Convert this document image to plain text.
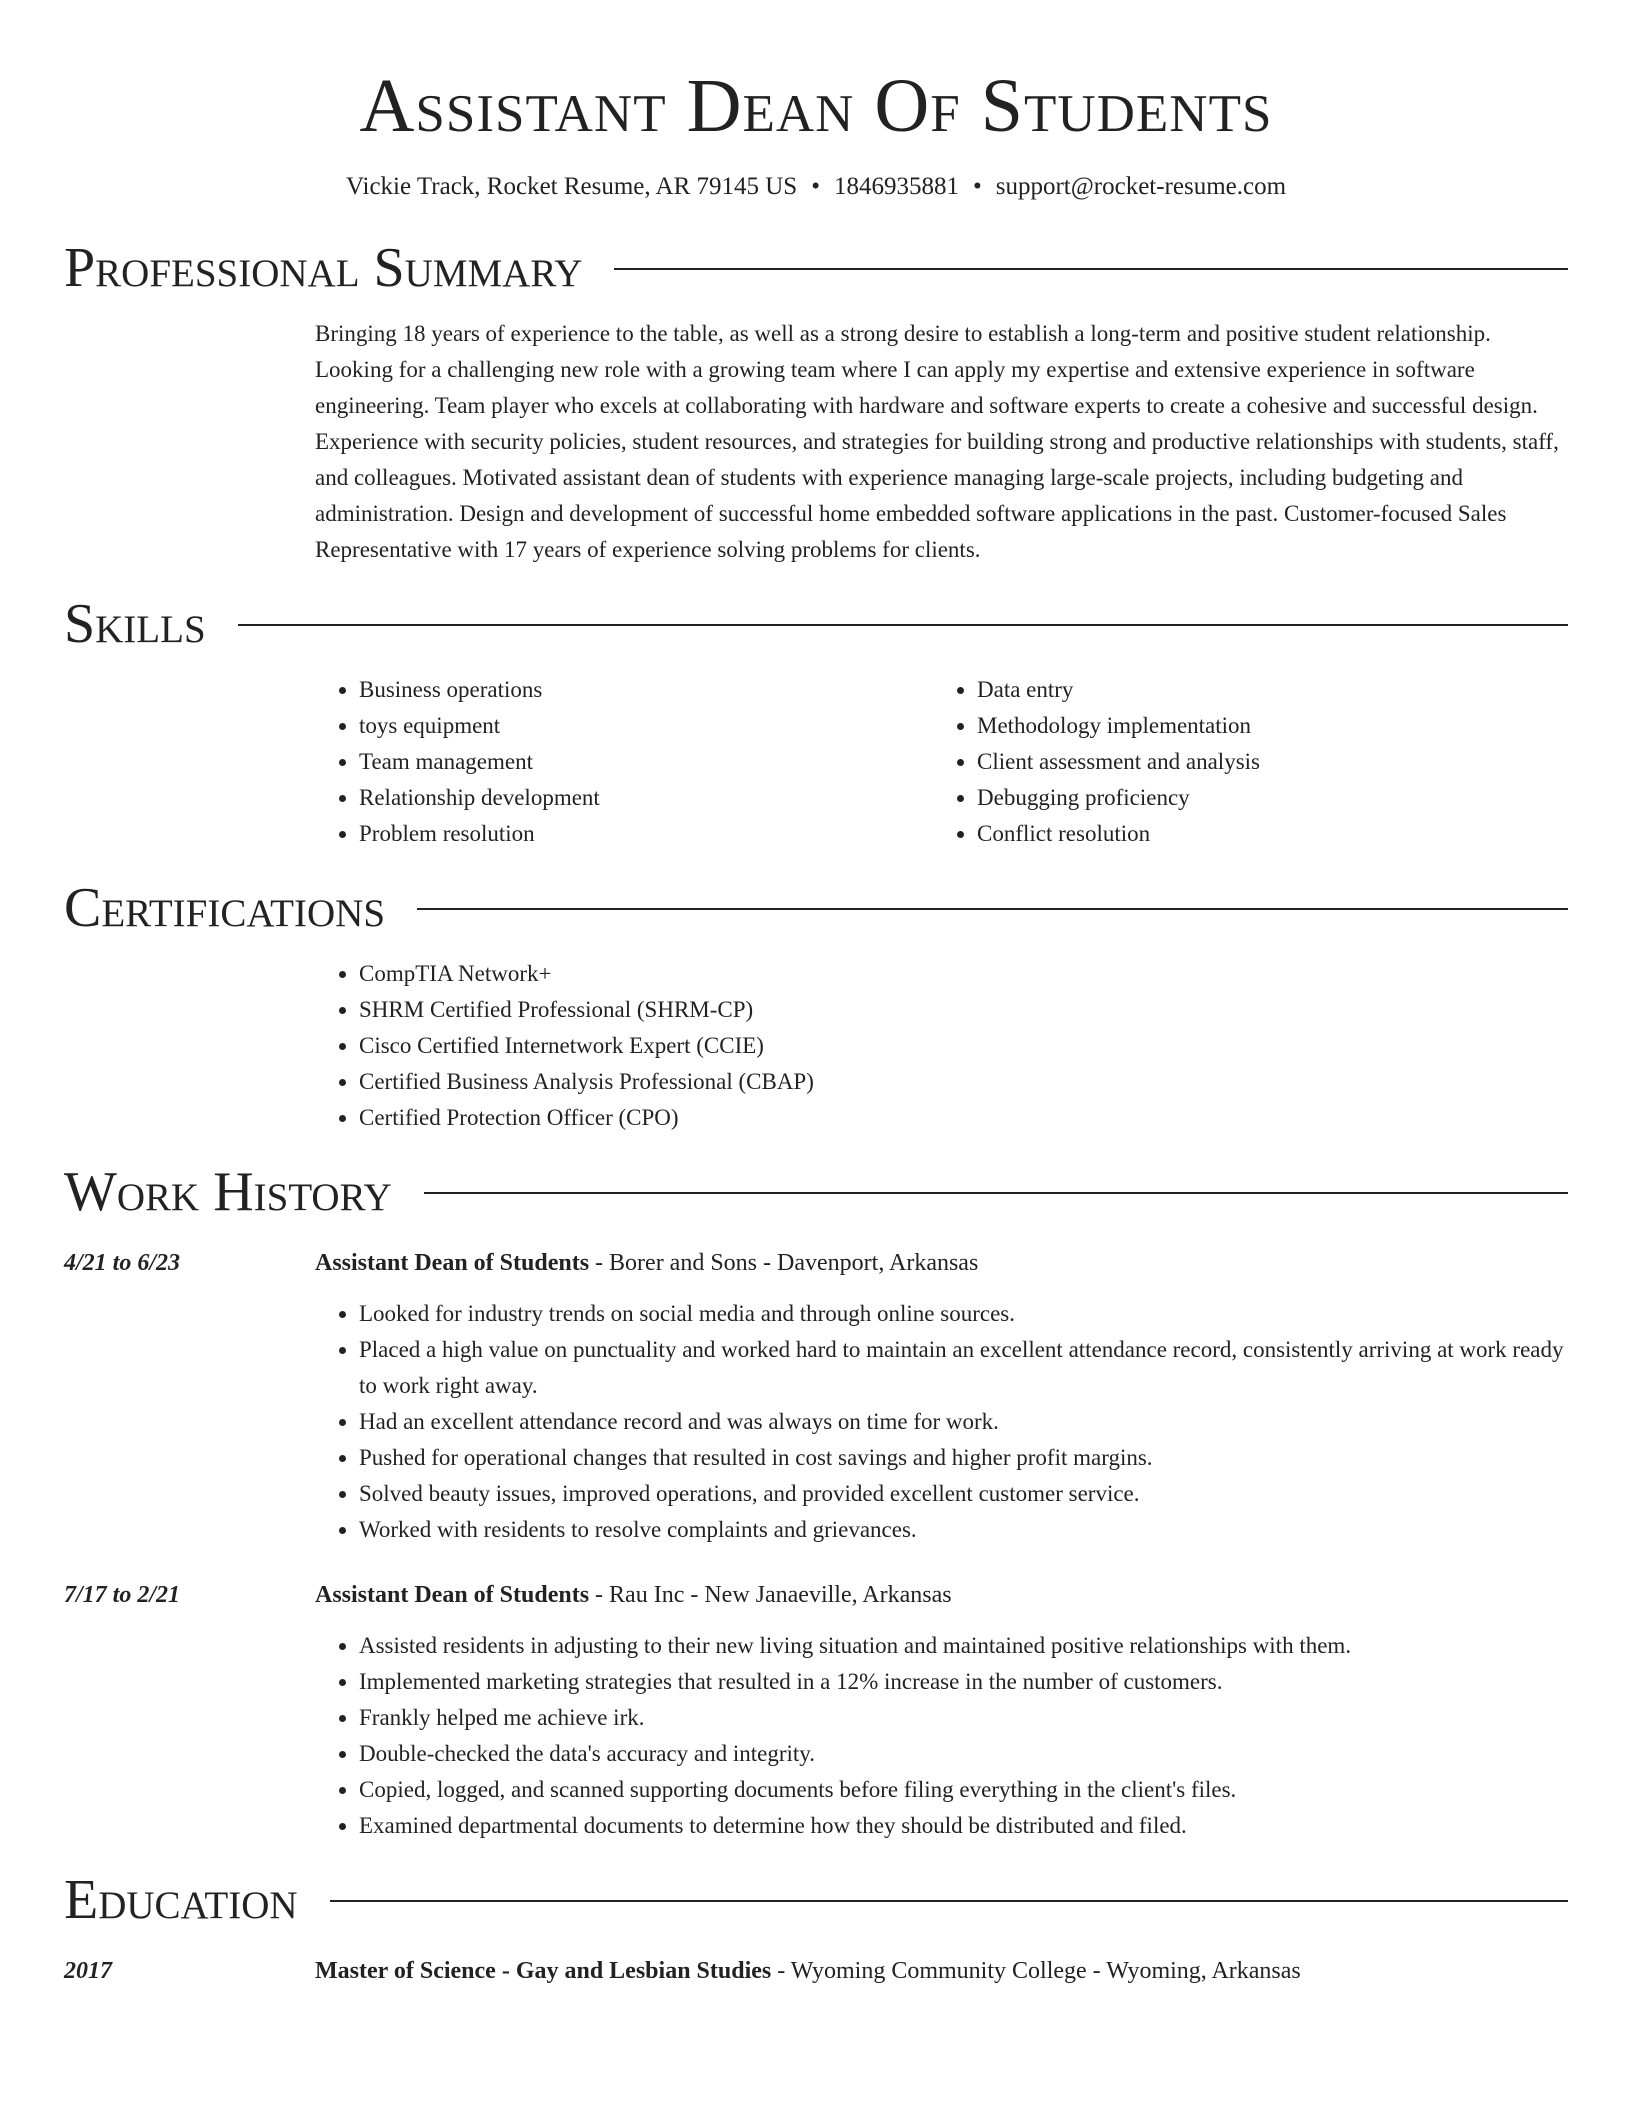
Assistant Dean Of Students
Vickie Track, Rocket Resume, AR 79145 US • 1846935881 • support@rocket-resume.com
Professional Summary

Bringing 18 years of experience to the table, as well as a strong desire to establish a long-term and positive student relationship. Looking for a challenging new role with a growing team where I can apply my expertise and extensive experience in software engineering. Team player who excels at collaborating with hardware and software experts to create a cohesive and successful design. Experience with security policies, student resources, and strategies for building strong and productive relationships with students, staff, and colleagues. Motivated assistant dean of students with experience managing large-scale projects, including budgeting and administration. Design and development of successful home embedded software applications in the past. Customer-focused Sales Representative with 17 years of experience solving problems for clients.

Skills
• Business operations
• toys equipment
• Team management
• Relationship development
• Problem resolution
• Data entry
• Methodology implementation
• Client assessment and analysis
• Debugging proficiency
• Conflict resolution
Certifications
• CompTIA Network+
• SHRM Certified Professional (SHRM-CP)
• Cisco Certified Internetwork Expert (CCIE)
• Certified Business Analysis Professional (CBAP)
• Certified Protection Officer (CPO)
Work History
4/21 to 6/23	Assistant Dean of Students - Borer and Sons - Davenport, Arkansas
• Looked for industry trends on social media and through online sources.
• Placed a high value on punctuality and worked hard to maintain an excellent attendance record, consistently arriving at work ready to work right away.
• Had an excellent attendance record and was always on time for work.
• Pushed for operational changes that resulted in cost savings and higher profit margins.
• Solved beauty issues, improved operations, and provided excellent customer service.
• Worked with residents to resolve complaints and grievances.
7/17 to 2/21	Assistant Dean of Students - Rau Inc - New Janaeville, Arkansas
• Assisted residents in adjusting to their new living situation and maintained positive relationships with them.
• Implemented marketing strategies that resulted in a 12% increase in the number of customers.
• Frankly helped me achieve irk.
• Double-checked the data's accuracy and integrity.
• Copied, logged, and scanned supporting documents before filing everything in the client's files.
• Examined departmental documents to determine how they should be distributed and filed.
Education
2017	Master of Science - Gay and Lesbian Studies - Wyoming Community College - Wyoming, Arkansas
